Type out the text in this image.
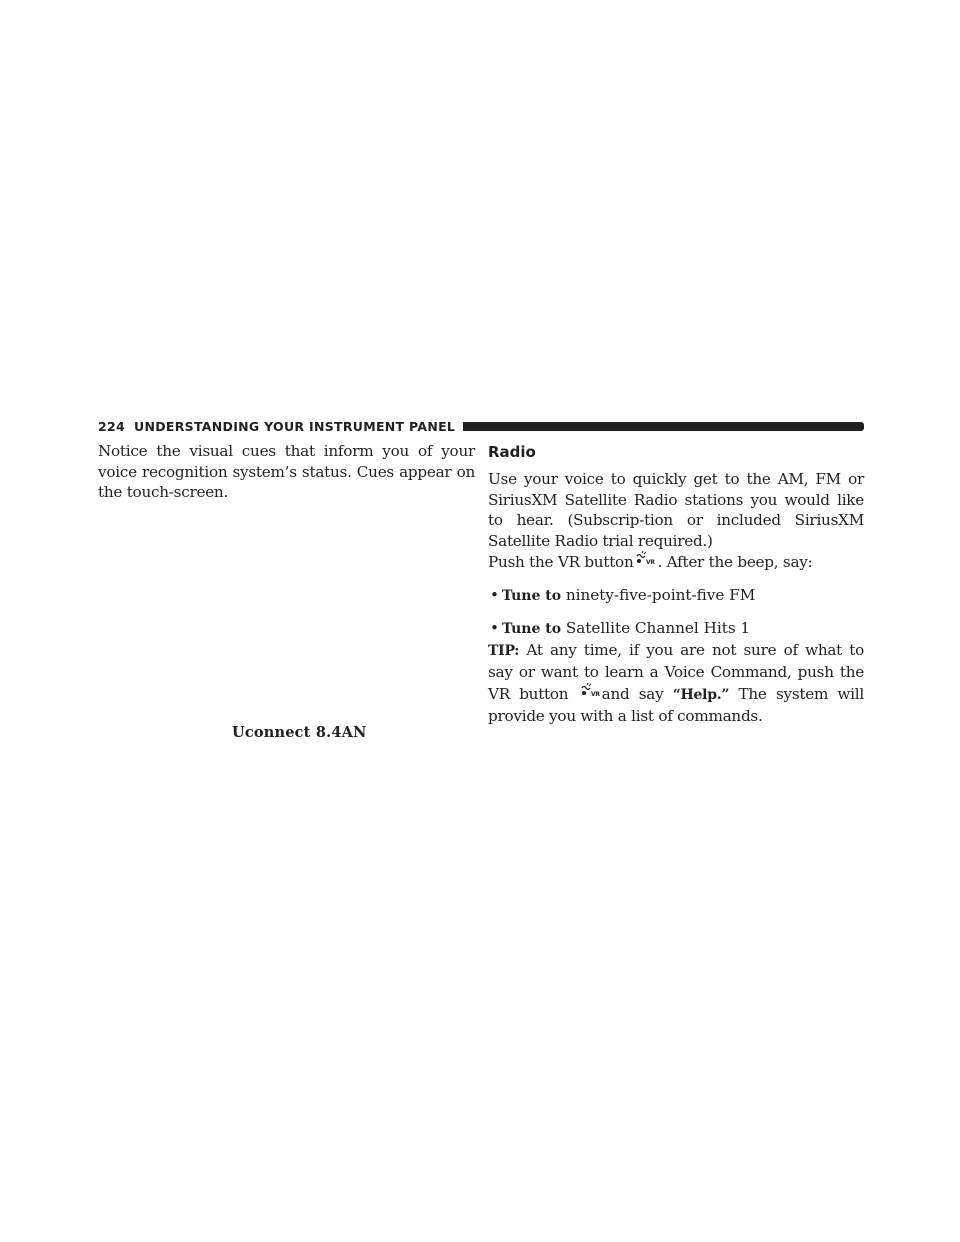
224 UNDERSTANDING YOUR INSTRUMENT PANEL

Notice the visual cues that inform you of your voice recognition system’s status. Cues appear on the touch-screen.

Uconnect 8.4AN
Radio

Use your voice to quickly get to the AM, FM or SiriusXM Satellite Radio stations you would like to hear. (Subscrip-tion or included SiriusXM Satellite Radio trial required.)

Push the VR button VR . After the beep, say:

• Tune to ninety-five-point-five FM

• Tune to Satellite Channel Hits 1

TIP: At any time, if you are not sure of what to say or want to learn a Voice Command, push the VR button VR and say “Help.” The system will provide you with a list of commands.
